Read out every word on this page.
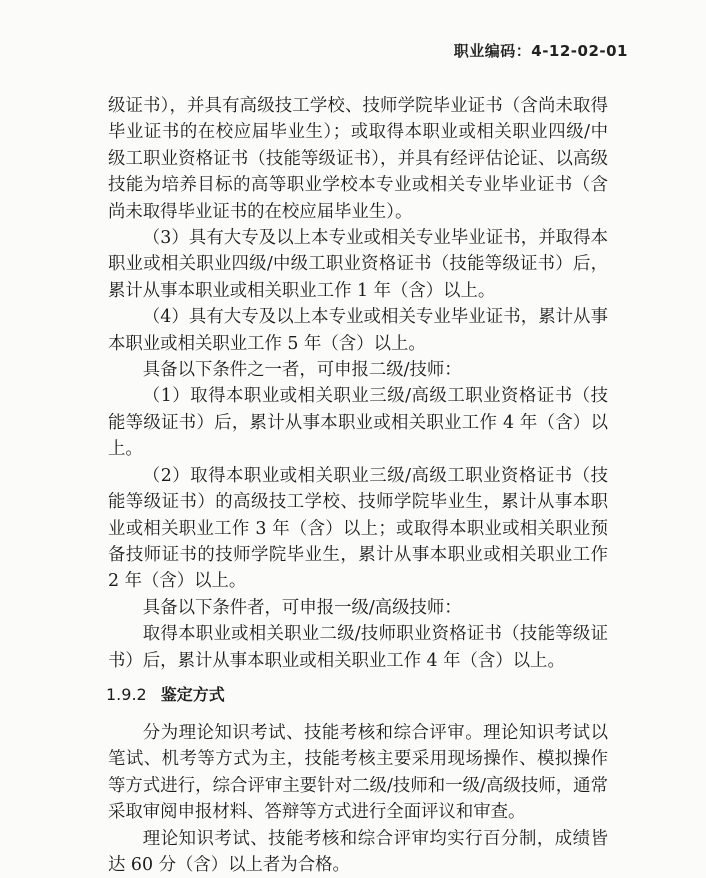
职业编码：4-12-02-01

级证书），并具有高级技工学校、技师学院毕业证书（含尚未取得毕业证书的在校应届毕业生）；或取得本职业或相关职业四级/中级工职业资格证书（技能等级证书），并具有经评估论证、以高级技能为培养目标的高等职业学校本专业或相关专业毕业证书（含尚未取得毕业证书的在校应届毕业生）。

（3）具有大专及以上本专业或相关专业毕业证书，并取得本职业或相关职业四级/中级工职业资格证书（技能等级证书）后，累计从事本职业或相关职业工作 1 年（含）以上。

（4）具有大专及以上本专业或相关专业毕业证书，累计从事本职业或相关职业工作 5 年（含）以上。

具备以下条件之一者，可申报二级/技师：

（1）取得本职业或相关职业三级/高级工职业资格证书（技能等级证书）后，累计从事本职业或相关职业工作 4 年（含）以上。

（2）取得本职业或相关职业三级/高级工职业资格证书（技能等级证书）的高级技工学校、技师学院毕业生，累计从事本职业或相关职业工作 3 年（含）以上；或取得本职业或相关职业预备技师证书的技师学院毕业生，累计从事本职业或相关职业工作 2 年（含）以上。

具备以下条件者，可申报一级/高级技师：

取得本职业或相关职业二级/技师职业资格证书（技能等级证书）后，累计从事本职业或相关职业工作 4 年（含）以上。

1.9.2 鉴定方式

分为理论知识考试、技能考核和综合评审。理论知识考试以笔试、机考等方式为主，技能考核主要采用现场操作、模拟操作等方式进行，综合评审主要针对二级/技师和一级/高级技师，通常采取审阅申报材料、答辩等方式进行全面评议和审查。

理论知识考试、技能考核和综合评审均实行百分制，成绩皆达 60 分（含）以上者为合格。
